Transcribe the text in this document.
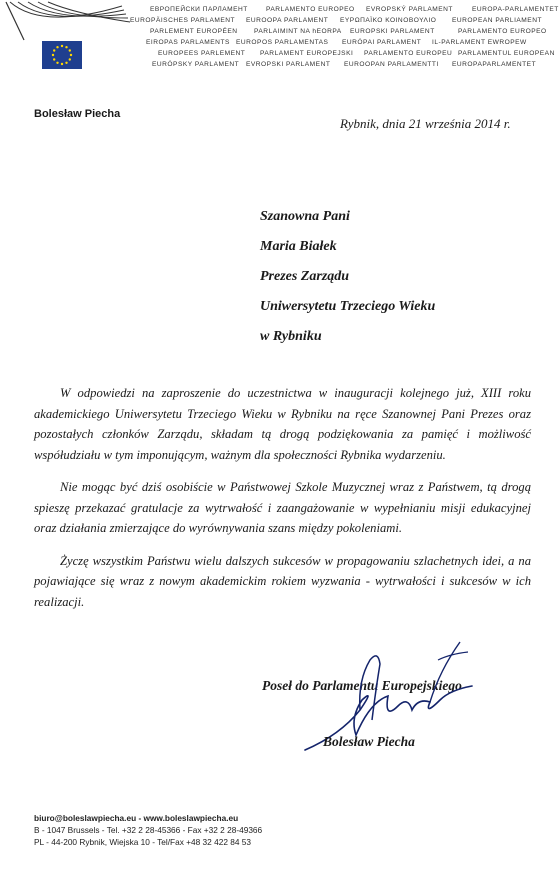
ЕВРОПЕЙСКИ ПАРЛАМЕНТ	PARLAMENTO EUROPEO EVROPSKÝ PARLAMENT	EUROPA-PARLAMENTET
EUROPÄISCHES PARLAMENT EUROOPA PARLAMENT ΕΥΡΩΠΑΪΚΟ ΚΟΙΝΟΒΟΥΛΙΟ EUROPEAN PARLIAMENT
PARLEMENT EUROPÉEN PARLAIMINT NA hEORPA EUROPSKI PARLAMENT	PARLAMENTO EUROPEO
EIROPAS PARLAMENTS EUROPOS PARLAMENTAS EURÓPAI PARLAMENT IL-PARLAMENT EWROPEW
EUROPEES PARLEMENT PARLAMENT EUROPEJSKI PARLAMENTO EUROPEU PARLAMENTUL EUROPEAN
EURÓPSKY PARLAMENT EVROPSKI PARLAMENT EUROOPAN PARLAMENTTI EUROPAPARLAMENTET
Bolesław Piecha
Rybnik, dnia 21 września 2014 r.
Szanowna Pani
Maria Białek
Prezes Zarządu
Uniwersytetu Trzeciego Wieku
w Rybniku

W odpowiedzi na zaproszenie do uczestnictwa w inauguracji kolejnego już, XIII roku akademickiego Uniwersytetu Trzeciego Wieku w Rybniku na ręce Szanownej Pani Prezes oraz pozostałych członków Zarządu, składam tą drogą podziękowania za pamięć i możliwość współudziału w tym imponującym, ważnym dla społeczności Rybnika wydarzeniu.

Nie mogąc być dziś osobiście w Państwowej Szkole Muzycznej wraz z Państwem, tą drogą spieszę przekazać gratulacje za wytrwałość i zaangażowanie w wypełnianiu misji edukacyjnej oraz działania zmierzające do wyrównywania szans między pokoleniami.

Życzę wszystkim Państwu wielu dalszych sukcesów w propagowaniu szlachetnych idei, a na pojawiające się wraz z nowym akademickim rokiem wyzwania - wytrwałości i sukcesów w ich realizacji.

Poseł do Parlamentu Europejskiego
Bolesław Piecha
biuro@boleslawpiecha.eu - www.boleslawpiecha.eu
B - 1047 Brussels - Tel. +32 2 28-45366 - Fax +32 2 28-49366
PL - 44-200 Rybnik, Wiejska 10 - Tel/Fax +48 32 422 84 53
